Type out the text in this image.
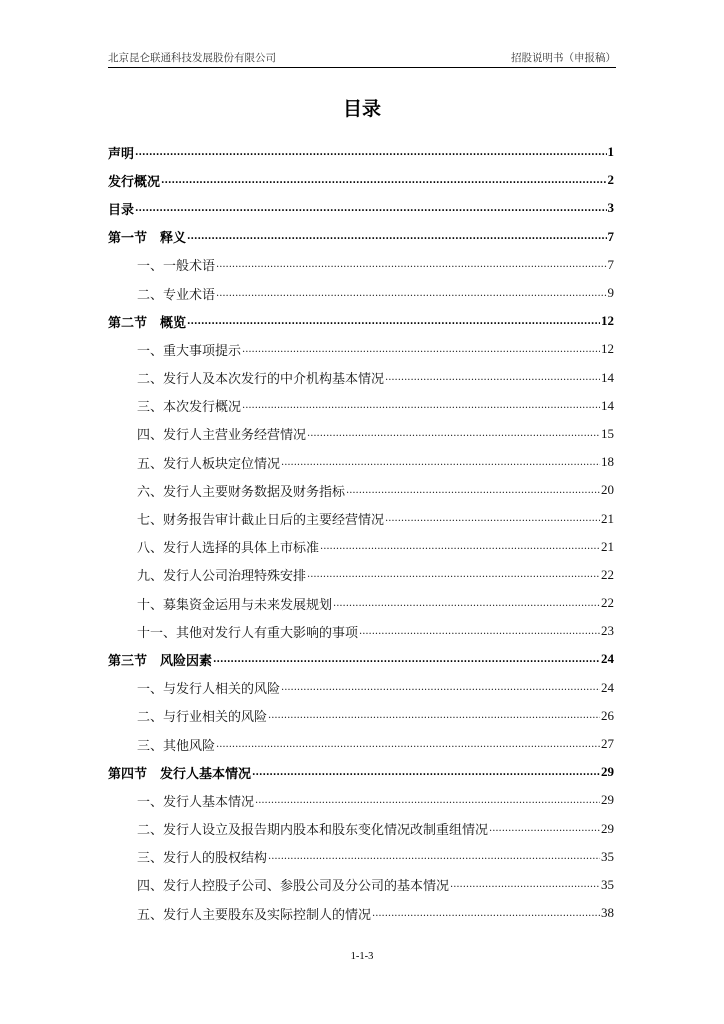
北京昆仑联通科技发展股份有限公司	招股说明书（申报稿）
目录
声明 .....	1
发行概况 .....	2
目录 .....	3
第一节　释义 .....	7
一、一般术语 .....	7
二、专业术语 .....	9
第二节　概览 .....	12
一、重大事项提示 .....	12
二、发行人及本次发行的中介机构基本情况 .....	14
三、本次发行概况 .....	14
四、发行人主营业务经营情况 .....	15
五、发行人板块定位情况 .....	18
六、发行人主要财务数据及财务指标 .....	20
七、财务报告审计截止日后的主要经营情况 .....	21
八、发行人选择的具体上市标准 .....	21
九、发行人公司治理特殊安排 .....	22
十、募集资金运用与未来发展规划 .....	22
十一、其他对发行人有重大影响的事项 .....	23
第三节　风险因素 .....	24
一、与发行人相关的风险 .....	24
二、与行业相关的风险 .....	26
三、其他风险 .....	27
第四节　发行人基本情况 .....	29
一、发行人基本情况 .....	29
二、发行人设立及报告期内股本和股东变化情况改制重组情况 .....	29
三、发行人的股权结构 .....	35
四、发行人控股子公司、参股公司及分公司的基本情况 .....	35
五、发行人主要股东及实际控制人的情况 .....	38
1-1-3
